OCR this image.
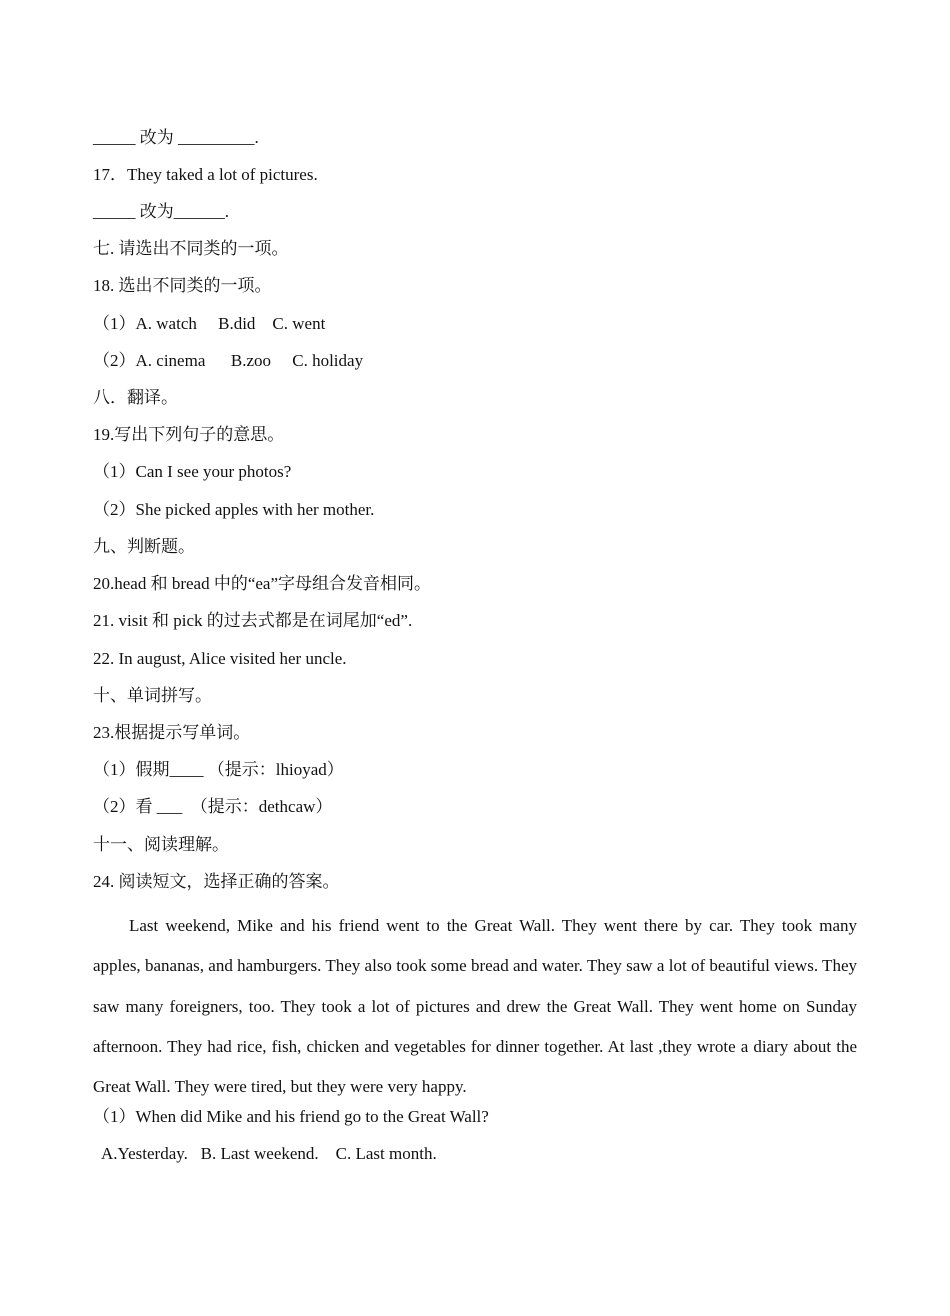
_____ 改为 _________.
17．They taked a lot of pictures.
_____ 改为______.
七. 请选出不同类的一项。
18. 选出不同类的一项。
（1）A. watch     B.did    C. went
（2）A. cinema      B.zoo     C. holiday
八．翻译。
19.写出下列句子的意思。
（1）Can I see your photos?
（2）She picked apples with her mother.
九、判断题。
20.head 和 bread 中的“ea”字母组合发音相同。
21. visit 和 pick 的过去式都是在词尾加“ed”.
22. In august, Alice visited her uncle.
十、单词拼写。
23.根据提示写单词。
（1）假期____ （提示：lhioyad）
（2）看 ___  （提示：dethcaw）
十一、阅读理解。
24. 阅读短文，选择正确的答案。
Last weekend, Mike and his friend went to the Great Wall. They went there by car. They took many apples, bananas, and hamburgers. They also took some bread and water. They saw a lot of beautiful views. They saw many foreigners, too. They took a lot of pictures and drew the Great Wall. They went home on Sunday afternoon. They had rice, fish, chicken and vegetables for dinner together. At last ,they wrote a diary about the Great Wall. They were tired, but they were very happy.
（1）When did Mike and his friend go to the Great Wall?
A.Yesterday.   B. Last weekend.    C. Last month.
